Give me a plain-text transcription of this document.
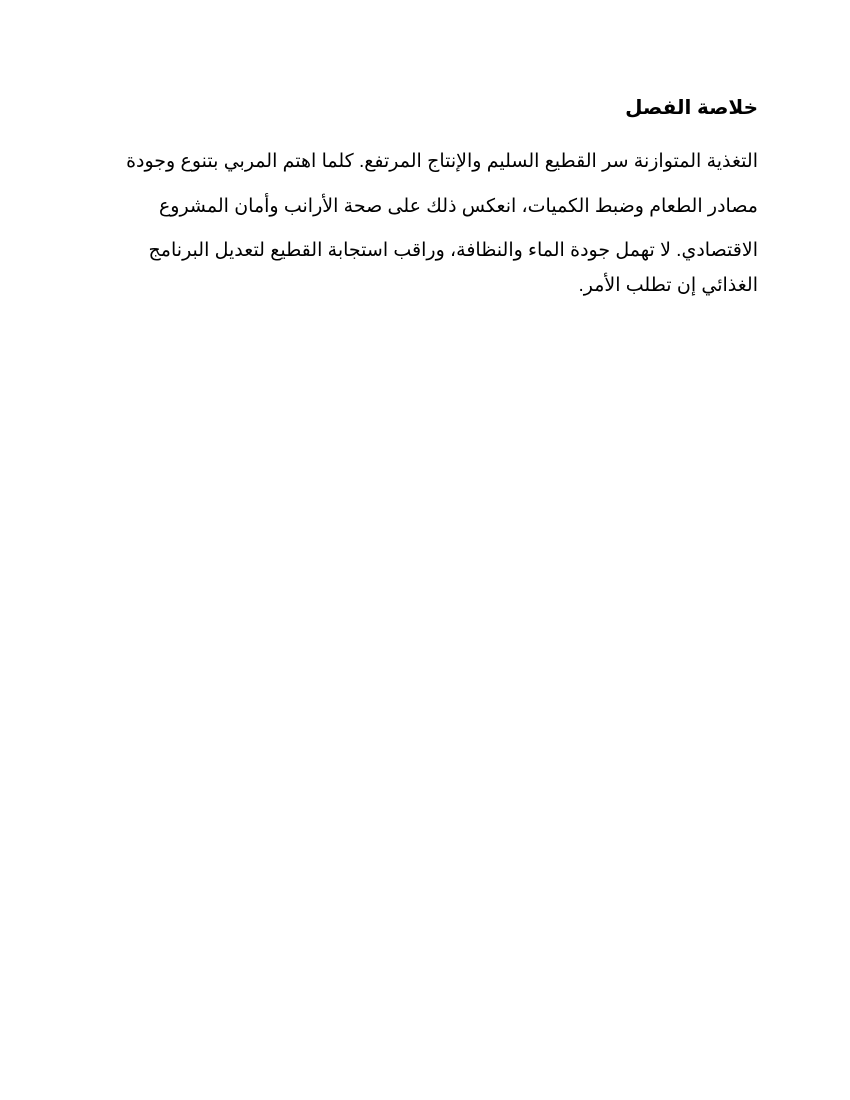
خلاصة الفصل

التغذية المتوازنة سر القطيع السليم والإنتاج المرتفع. كلما اهتم المربي بتنوع وجودة

مصادر الطعام وضبط الكميات، انعكس ذلك على صحة الأرانب وأمان المشروع

الاقتصادي. لا تهمل جودة الماء والنظافة، وراقب استجابة القطيع لتعديل البرنامج

الغذائي إن تطلب الأمر.
